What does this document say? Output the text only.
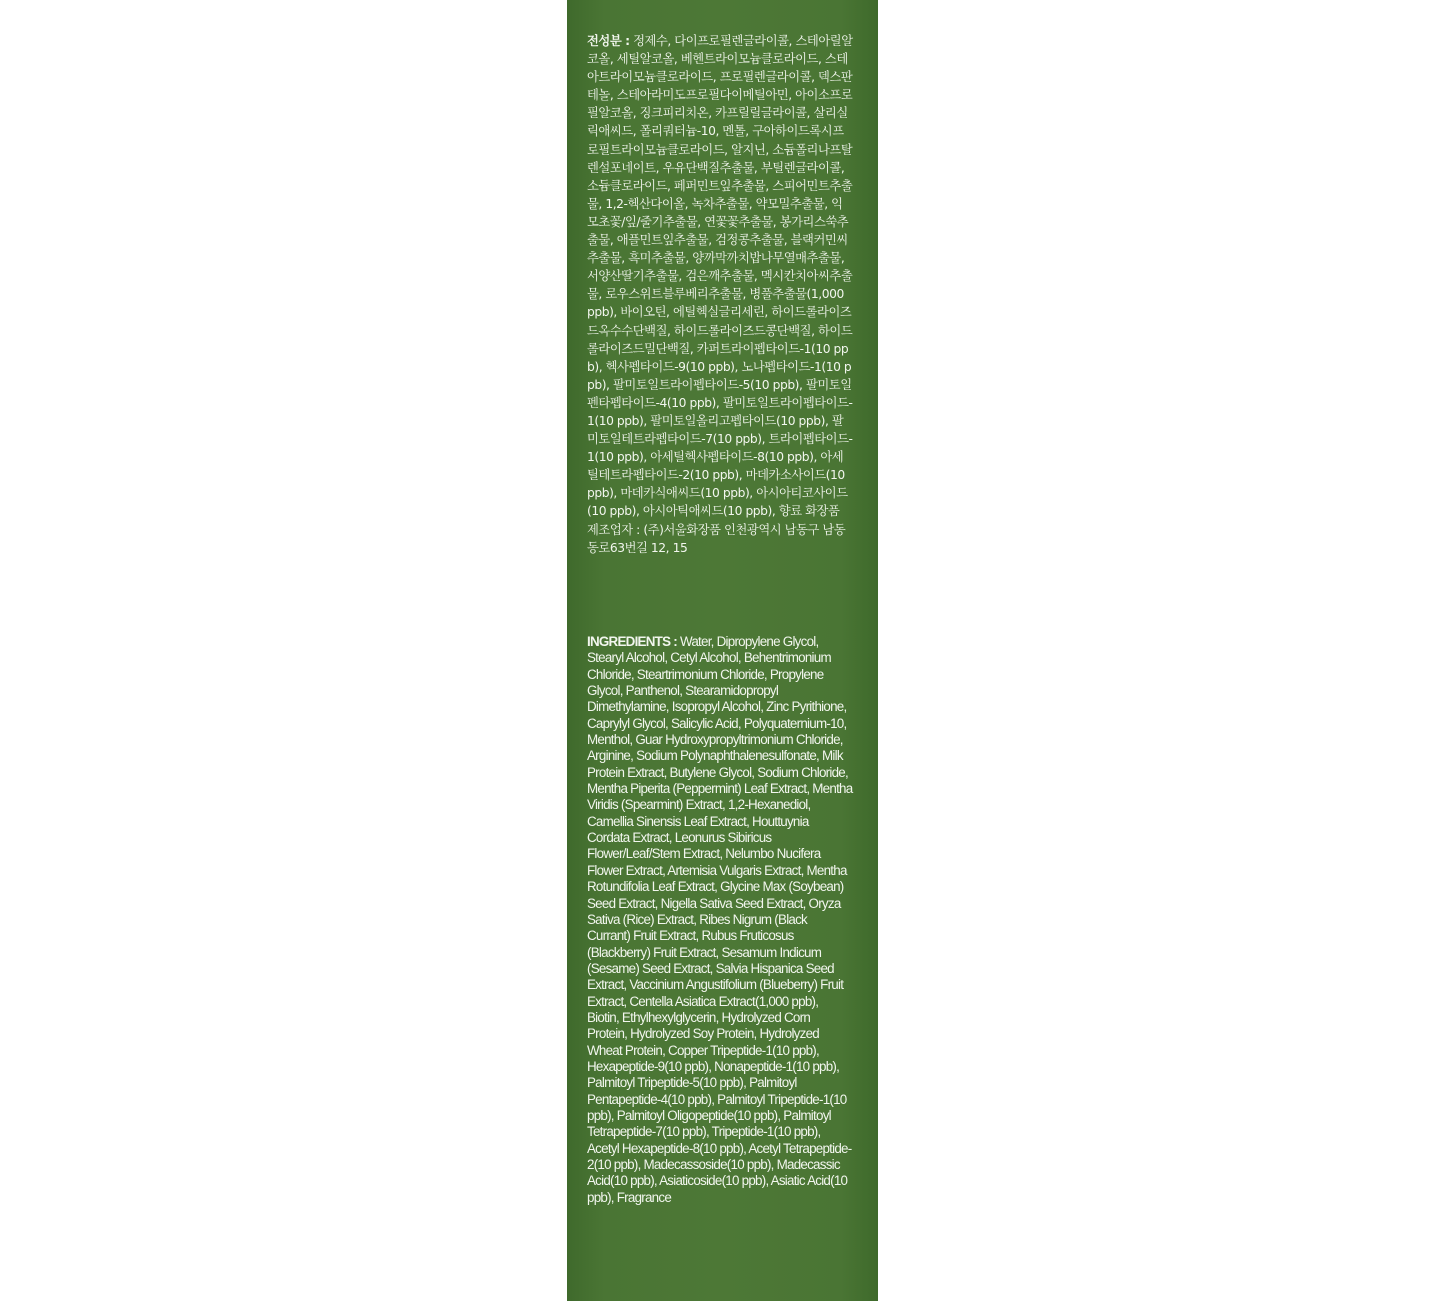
전성분 : 정제수, 다이프로필렌글라이콜, 스테아릴알코올, 세틸알코올, 베헨트라이모늄클로라이드, 스테아트라이모늄클로라이드, 프로필렌글라이콜, 덱스판테놀, 스테아라미도프로필다이메틸아민, 아이소프로필알코올, 징크피리치온, 카프릴릴글라이콜, 살리실릭애씨드, 폴리쿼터늄-10, 멘톨, 구아하이드록시프로필트라이모늄클로라이드, 알지닌, 소듐폴리나프탈렌설포네이트, 우유단백질추출물, 부틸렌글라이콜, 소듐클로라이드, 페퍼민트잎추출물, 스피어민트추출물, 1,2-헥산다이올, 녹차추출물, 약모밀추출물, 익모초꽃/잎/줄기추출물, 연꽃꽃추출물, 봉가리스쑥추출물, 애플민트잎추출물, 검정콩추출물, 블랙커민씨추출물, 흑미추출물, 양까막까치밥나무열매추출물, 서양산딸기추출물, 검은깨추출물, 멕시칸치아씨추출물, 로우스위트블루베리추출물, 병풀추출물(1,000 ppb), 바이오틴, 에틸헥실글리세린, 하이드롤라이즈드옥수수단백질, 하이드롤라이즈드콩단백질, 하이드롤라이즈드밀단백질, 카퍼트라이펩타이드-1(10 ppb), 헥사펩타이드-9(10 ppb), 노나펩타이드-1(10 ppb), 팔미토일트라이펩타이드-5(10 ppb), 팔미토일펜타펩타이드-4(10 ppb), 팔미토일트라이펩타이드-1(10 ppb), 팔미토일올리고펩타이드(10 ppb), 팔미토일테트라펩타이드-7(10 ppb), 트라이펩타이드-1(10 ppb), 아세틸헥사펩타이드-8(10 ppb), 아세틸테트라펩타이드-2(10 ppb), 마데카소사이드(10 ppb), 마데카식애씨드(10 ppb), 아시아티코사이드(10 ppb), 아시아틱애씨드(10 ppb), 향료 화장품
제조업자 : (주)서울화장품 인천광역시 남동구 남동동로63번길 12, 15
INGREDIENTS : Water, Dipropylene Glycol, Stearyl Alcohol, Cetyl Alcohol, Behentrimonium Chloride, Steartrimonium Chloride, Propylene Glycol, Panthenol, Stearamidopropyl Dimethylamine, Isopropyl Alcohol, Zinc Pyrithione, Caprylyl Glycol, Salicylic Acid, Polyquaternium-10, Menthol, Guar Hydroxypropyltrimonium Chloride, Arginine, Sodium Polynaphthalenesulfonate, Milk Protein Extract, Butylene Glycol, Sodium Chloride, Mentha Piperita (Peppermint) Leaf Extract, Mentha Viridis (Spearmint) Extract, 1,2-Hexanediol, Camellia Sinensis Leaf Extract, Houttuynia Cordata Extract, Leonurus Sibiricus Flower/Leaf/Stem Extract, Nelumbo Nucifera Flower Extract, Artemisia Vulgaris Extract, Mentha Rotundifolia Leaf Extract, Glycine Max (Soybean) Seed Extract, Nigella Sativa Seed Extract, Oryza Sativa (Rice) Extract, Ribes Nigrum (Black Currant) Fruit Extract, Rubus Fruticosus (Blackberry) Fruit Extract, Sesamum Indicum (Sesame) Seed Extract, Salvia Hispanica Seed Extract, Vaccinium Angustifolium (Blueberry) Fruit Extract, Centella Asiatica Extract(1,000 ppb), Biotin, Ethylhexylglycerin, Hydrolyzed Corn Protein, Hydrolyzed Soy Protein, Hydrolyzed Wheat Protein, Copper Tripeptide-1(10 ppb), Hexapeptide-9(10 ppb), Nonapeptide-1(10 ppb), Palmitoyl Tripeptide-5(10 ppb), Palmitoyl Pentapeptide-4(10 ppb), Palmitoyl Tripeptide-1(10 ppb), Palmitoyl Oligopeptide(10 ppb), Palmitoyl Tetrapeptide-7(10 ppb), Tripeptide-1(10 ppb), Acetyl Hexapeptide-8(10 ppb), Acetyl Tetrapeptide-2(10 ppb), Madecassoside(10 ppb), Madecassic Acid(10 ppb), Asiaticoside(10 ppb), Asiatic Acid(10 ppb), Fragrance
